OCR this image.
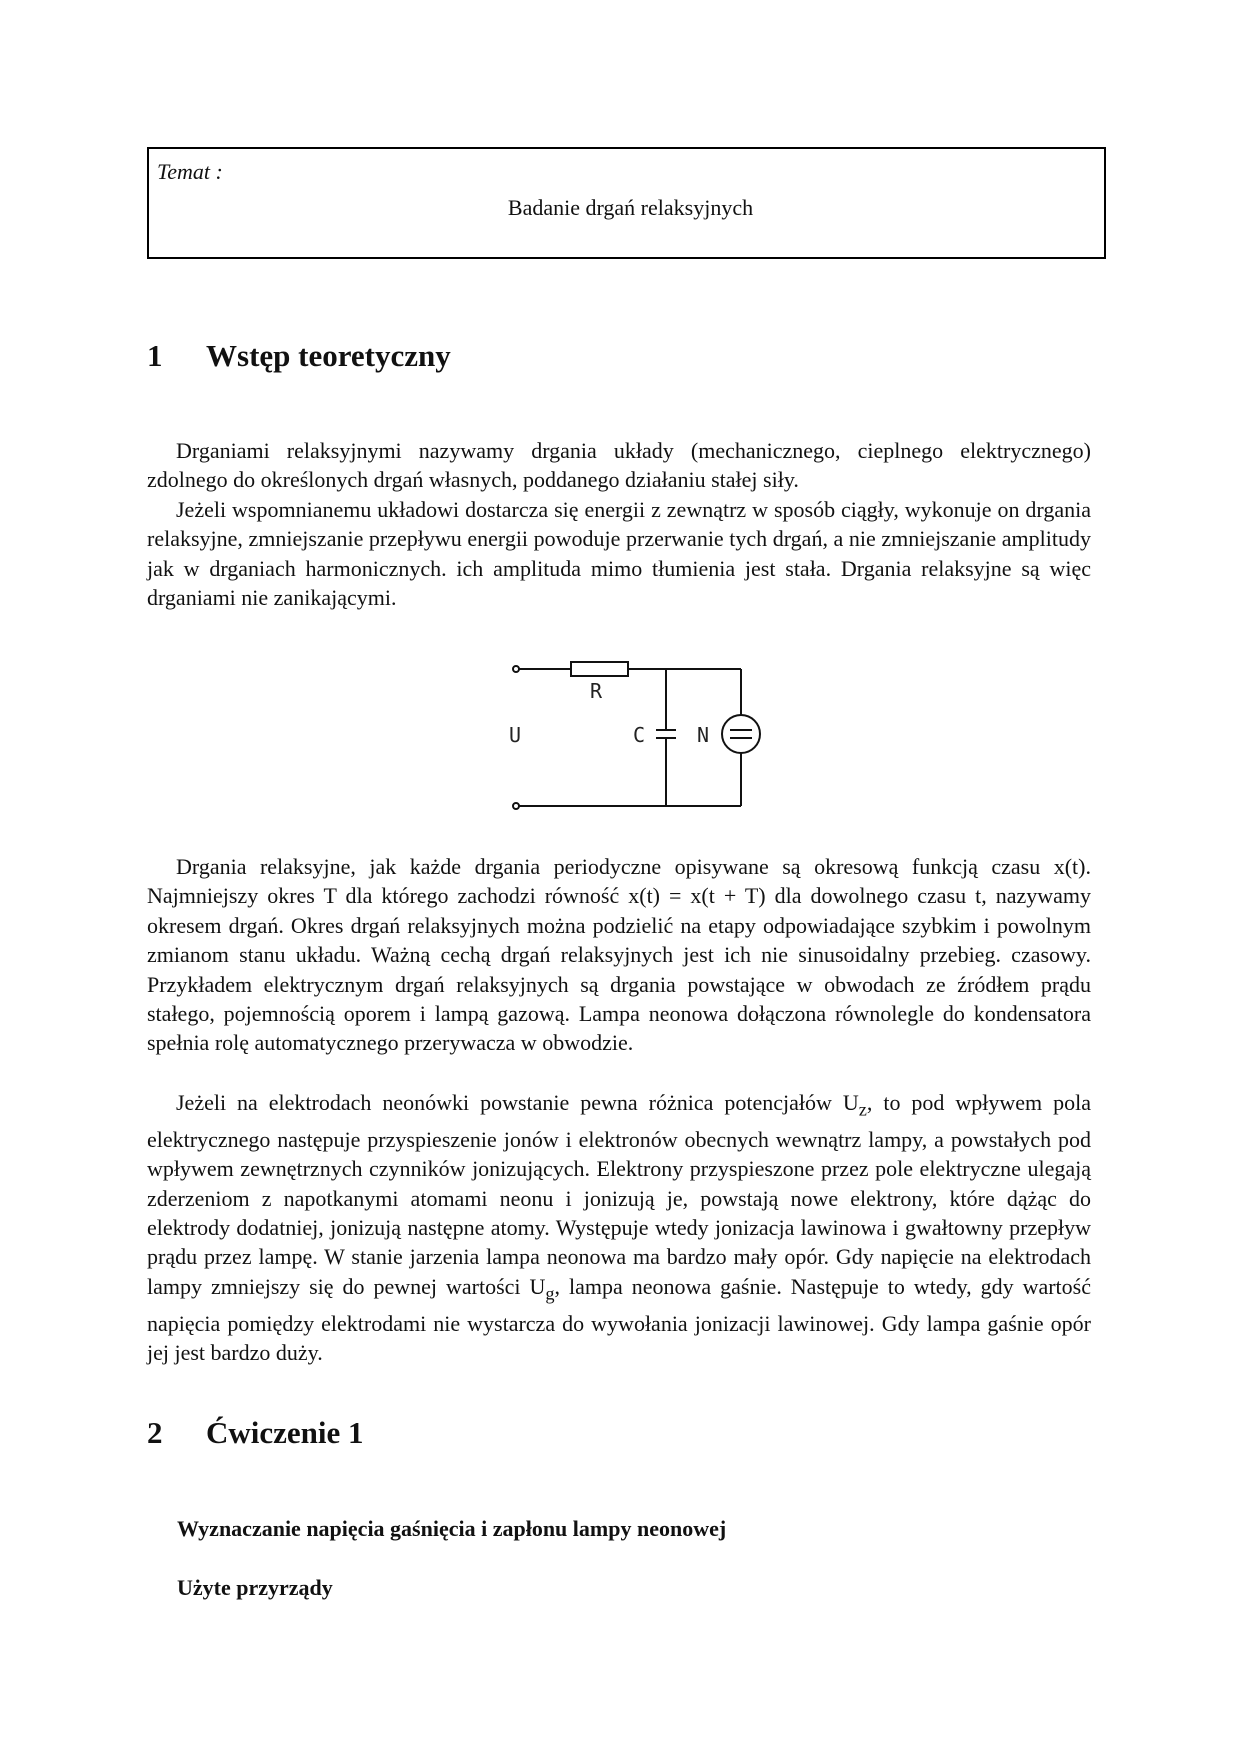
Temat :
Badanie drgań relaksyjnych
1 Wstęp teoretyczny

Drganiami relaksyjnymi nazywamy drgania układy (mechanicznego, cieplnego elektrycznego) zdolnego do określonych drgań własnych, poddanego działaniu stałej siły.

Jeżeli wspomnianemu układowi dostarcza się energii z zewnątrz w sposób ciągły, wykonuje on drgania relaksyjne, zmniejszanie przepływu energii powoduje przerwanie tych drgań, a nie zmniejszanie amplitudy jak w drganiach harmonicznych. ich amplituda mimo tłumienia jest stała. Drgania relaksyjne są więc drganiami nie zanikającymi.

R
U	C	N

Drgania relaksyjne, jak każde drgania periodyczne opisywane są okresową funkcją czasu x(t). Najmniejszy okres T dla którego zachodzi równość x(t) = x(t + T) dla dowolnego czasu t, nazywamy okresem drgań. Okres drgań relaksyjnych można podzielić na etapy odpowiadające szybkim i powolnym zmianom stanu układu. Ważną cechą drgań relaksyjnych jest ich nie sinusoidalny przebieg. czasowy. Przykładem elektrycznym drgań relaksyjnych są drgania powstające w obwodach ze źródłem prądu stałego, pojemnością oporem i lampą gazową. Lampa neonowa dołączona równolegle do kondensatora spełnia rolę automatycznego przerywacza w obwodzie.

Jeżeli na elektrodach neonówki powstanie pewna różnica potencjałów $U_z$, to pod wpływem pola elektrycznego następuje przyspieszenie jonów i elektronów obecnych wewnątrz lampy, a powstałych pod wpływem zewnętrznych czynników jonizujących. Elektrony przyspieszone przez pole elektryczne ulegają zderzeniom z napotkanymi atomami neonu i jonizują je, powstają nowe elektrony, które dążąc do elektrody dodatniej, jonizują następne atomy. Występuje wtedy jonizacja lawinowa i gwałtowny przepływ prądu przez lampę. W stanie jarzenia lampa neonowa ma bardzo mały opór. Gdy napięcie na elektrodach lampy zmniejszy się do pewnej wartości $U_g$, lampa neonowa gaśnie. Następuje to wtedy, gdy wartość napięcia pomiędzy elektrodami nie wystarcza do wywołania jonizacji lawinowej. Gdy lampa gaśnie opór jej jest bardzo duży.

2 Ćwiczenie 1
Wyznaczanie napięcia gaśnięcia i zapłonu lampy neonowej
Użyte przyrządy
